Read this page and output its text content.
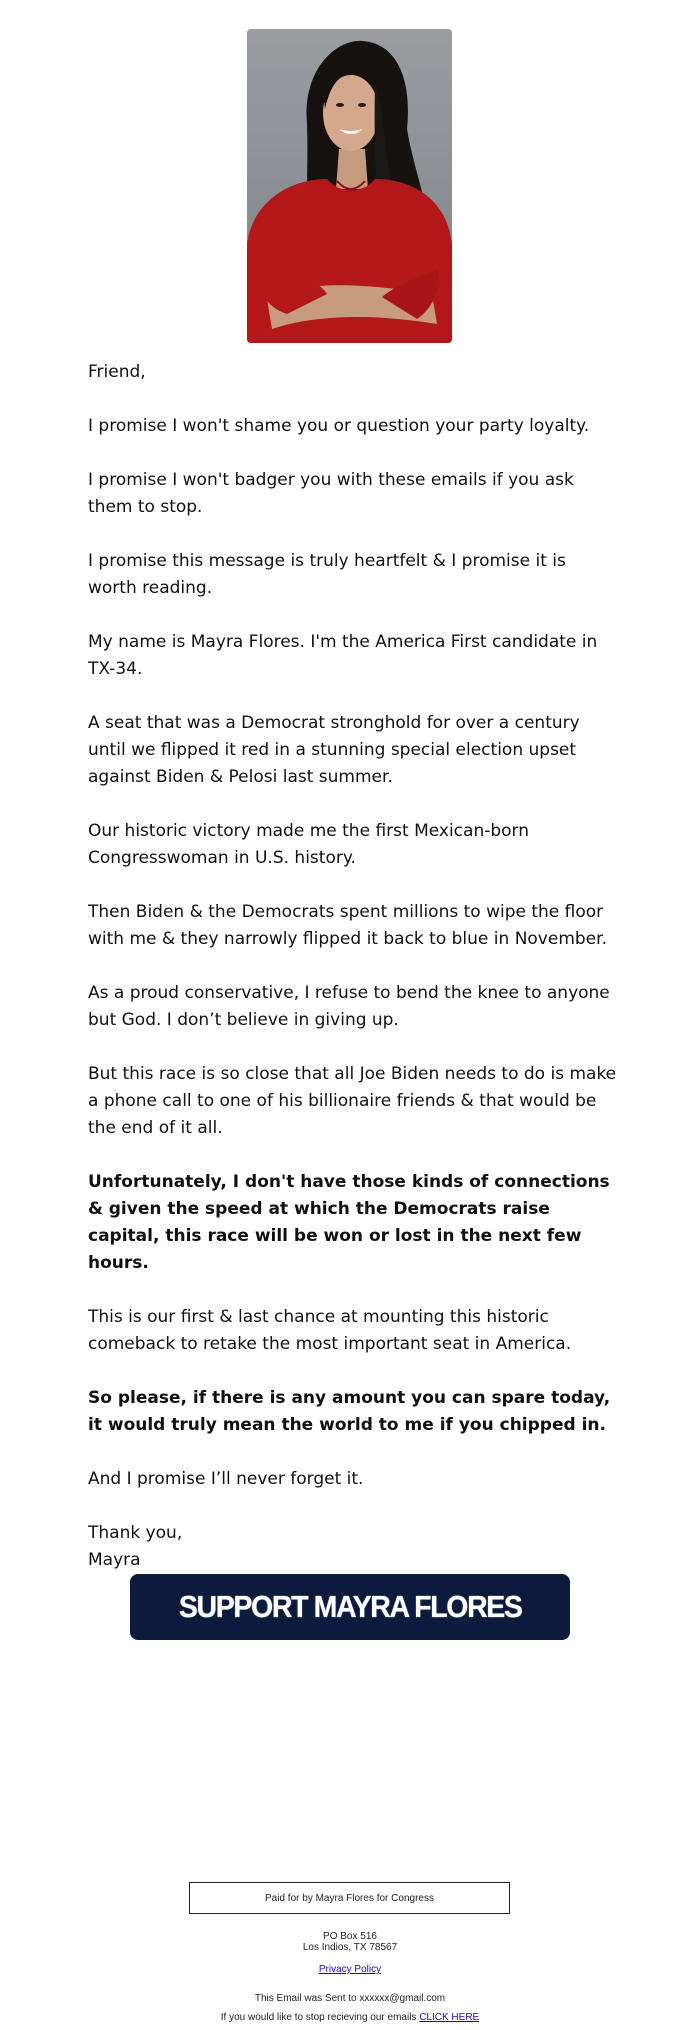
Friend,

I promise I won't shame you or question your party loyalty.

I promise I won't badger you with these emails if you ask them to stop.

I promise this message is truly heartfelt & I promise it is worth reading.

My name is Mayra Flores. I'm the America First candidate in TX-34.

A seat that was a Democrat stronghold for over a century until we flipped it red in a stunning special election upset against Biden & Pelosi last summer.

Our historic victory made me the first Mexican-born Congresswoman in U.S. history.

Then Biden & the Democrats spent millions to wipe the floor with me & they narrowly flipped it back to blue in November.

As a proud conservative, I refuse to bend the knee to anyone but God. I don’t believe in giving up.

But this race is so close that all Joe Biden needs to do is make a phone call to one of his billionaire friends & that would be the end of it all.

Unfortunately, I don't have those kinds of connections & given the speed at which the Democrats raise capital, this race will be won or lost in the next few hours.

This is our first & last chance at mounting this historic comeback to retake the most important seat in America.

So please, if there is any amount you can spare today, it would truly mean the world to me if you chipped in.

And I promise I’ll never forget it.

Thank you,

Mayra

SUPPORT MAYRA FLORES
Paid for by Mayra Flores for Congress
PO Box 516
Los Indios, TX 78567
Privacy Policy
This Email was Sent to xxxxxx@gmail.com
If you would like to stop recieving our emails CLICK HERE
